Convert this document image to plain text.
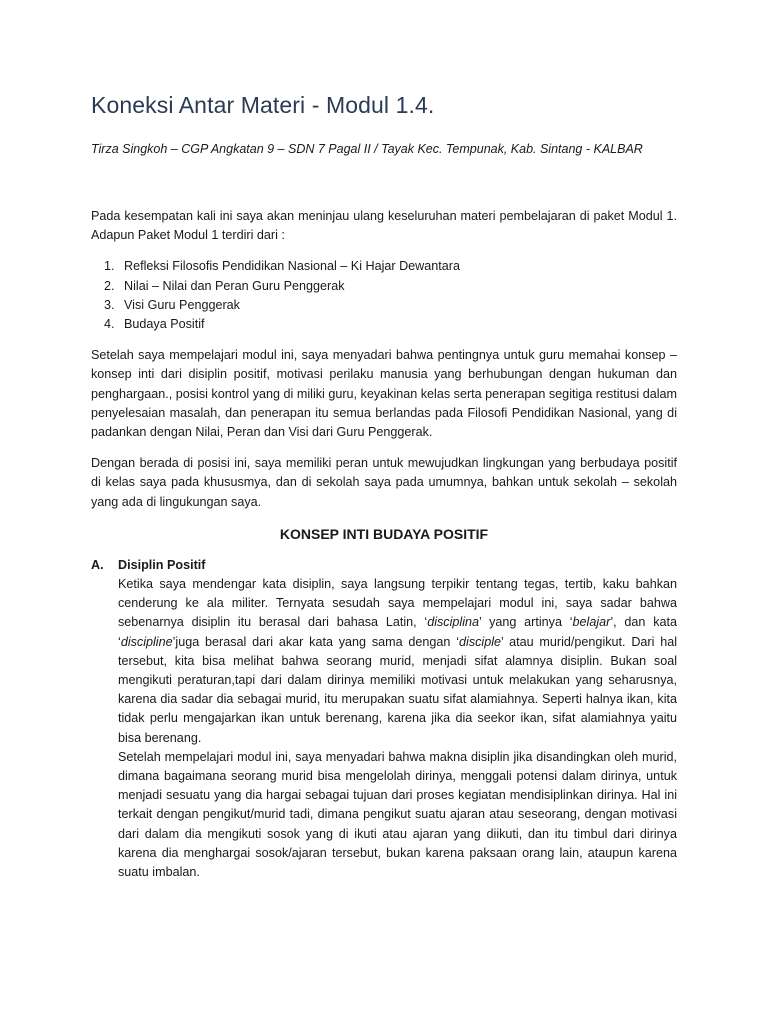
Koneksi Antar Materi - Modul 1.4.

Tirza Singkoh – CGP Angkatan 9 – SDN 7 Pagal II / Tayak Kec. Tempunak, Kab. Sintang - KALBAR

Pada kesempatan kali ini saya akan meninjau ulang keseluruhan materi pembelajaran di paket Modul 1. Adapun Paket Modul 1 terdiri dari :

1. Refleksi Filosofis Pendidikan Nasional – Ki Hajar Dewantara
2. Nilai – Nilai dan Peran Guru Penggerak
3. Visi Guru Penggerak
4. Budaya Positif

Setelah saya mempelajari modul ini, saya menyadari bahwa pentingnya untuk guru memahai konsep – konsep inti dari disiplin positif, motivasi perilaku manusia yang berhubungan dengan hukuman dan penghargaan., posisi kontrol yang di miliki guru, keyakinan kelas serta penerapan segitiga restitusi dalam penyelesaian masalah, dan penerapan itu semua berlandas pada Filosofi Pendidikan Nasional, yang di padankan dengan Nilai, Peran dan Visi dari Guru Penggerak.

Dengan berada di posisi ini, saya memiliki peran untuk mewujudkan lingkungan yang berbudaya positif di kelas saya pada khususmya, dan di sekolah saya pada umumnya, bahkan untuk sekolah – sekolah yang ada di lingukungan saya.

KONSEP INTI BUDAYA POSITIF
A.	Disiplin Positif

Ketika saya mendengar kata disiplin, saya langsung terpikir tentang tegas, tertib, kaku bahkan cenderung ke ala militer. Ternyata sesudah saya mempelajari modul ini, saya sadar bahwa sebenarnya disiplin itu berasal dari bahasa Latin, ‘disciplina’ yang artinya ‘belajar’, dan kata ‘discipline’juga berasal dari akar kata yang sama dengan ‘disciple’ atau murid/pengikut. Dari hal tersebut, kita bisa melihat bahwa seorang murid, menjadi sifat alamnya disiplin. Bukan soal mengikuti peraturan,tapi dari dalam dirinya memiliki motivasi untuk melakukan yang seharusnya, karena dia sadar dia sebagai murid, itu merupakan suatu sifat alamiahnya. Seperti halnya ikan, kita tidak perlu mengajarkan ikan untuk berenang, karena jika dia seekor ikan, sifat alamiahnya yaitu bisa berenang.

Setelah mempelajari modul ini, saya menyadari bahwa makna disiplin jika disandingkan oleh murid, dimana bagaimana seorang murid bisa mengelolah dirinya, menggali potensi dalam dirinya, untuk menjadi sesuatu yang dia hargai sebagai tujuan dari proses kegiatan mendisiplinkan dirinya. Hal ini terkait dengan pengikut/murid tadi, dimana pengikut suatu ajaran atau seseorang, dengan motivasi dari dalam dia mengikuti sosok yang di ikuti atau ajaran yang diikuti, dan itu timbul dari dirinya karena dia menghargai sosok/ajaran tersebut, bukan karena paksaan orang lain, ataupun karena suatu imbalan.
